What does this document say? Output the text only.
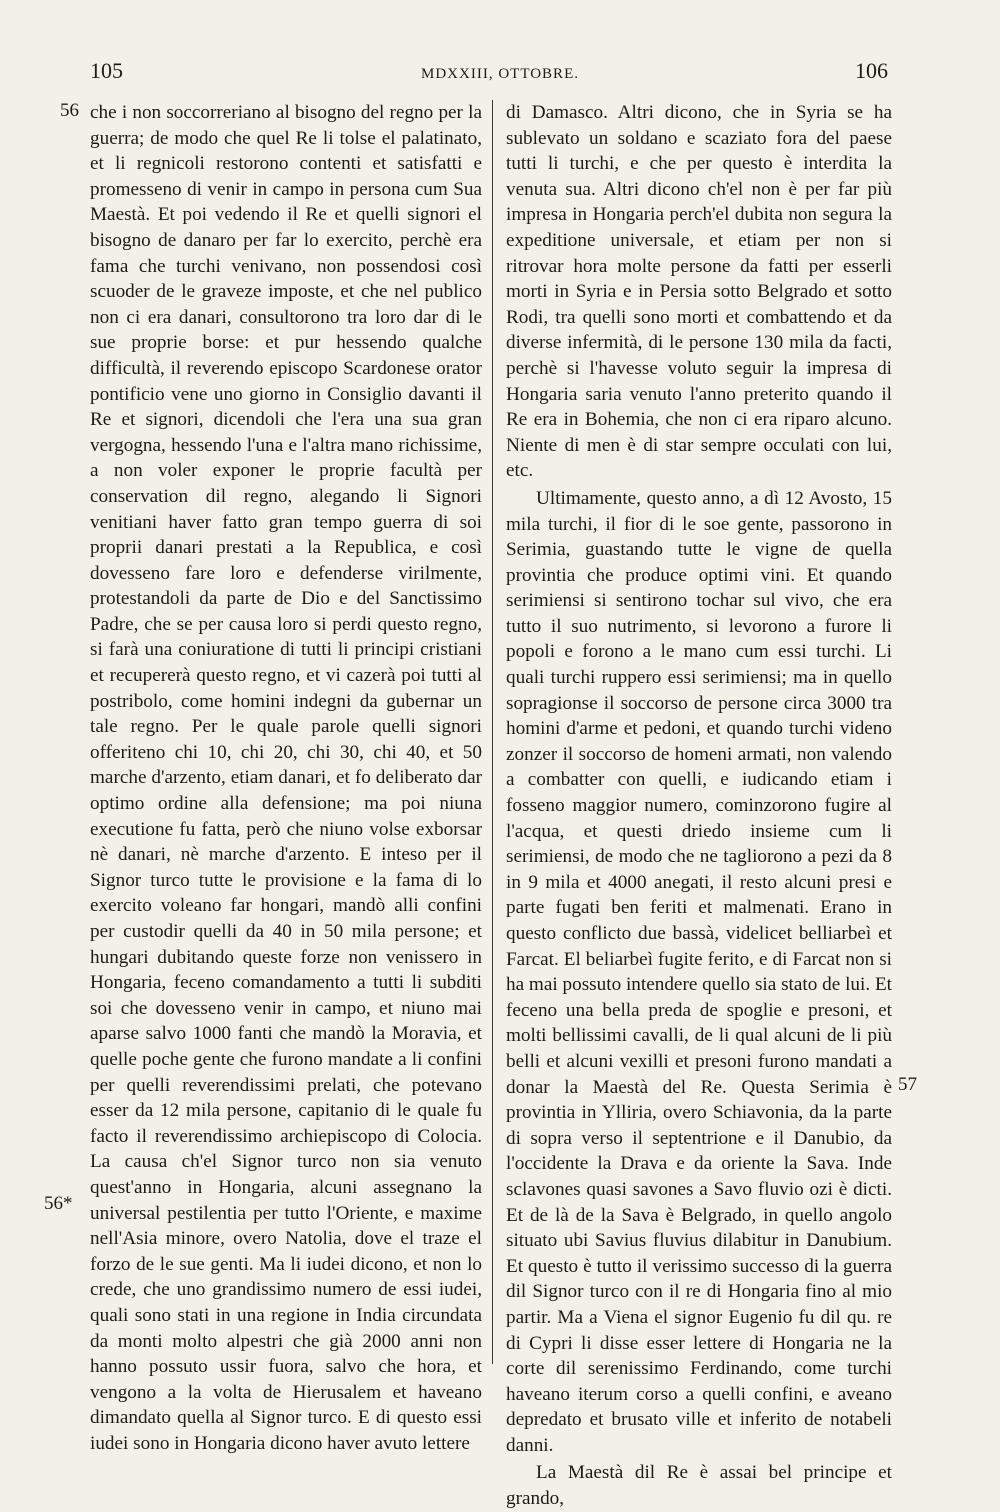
105	MDXXIII, OTTOBRE.	106
56
56*
57

che i non soccorreriano al bisogno del regno per la guerra; de modo che quel Re li tolse el palatinato, et li regnicoli restorono contenti et satisfatti e promesseno di venir in campo in persona cum Sua Maestà. Et poi vedendo il Re et quelli signori el bisogno de danaro per far lo exercito, perchè era fama che turchi venivano, non possendosi così scuoder de le graveze imposte, et che nel publico non ci era danari, consultorono tra loro dar di le sue proprie borse: et pur hessendo qualche difficultà, il reverendo episcopo Scardonese orator pontificio vene uno giorno in Consiglio davanti il Re et signori, dicendoli che l'era una sua gran vergogna, hessendo l'una e l'altra mano richissime, a non voler exponer le proprie facultà per conservation dil regno, alegando li Signori venitiani haver fatto gran tempo guerra di soi proprii danari prestati a la Republica, e così dovesseno fare loro e defenderse virilmente, protestandoli da parte de Dio e del Sanctissimo Padre, che se per causa loro si perdi questo regno, si farà una coniuratione di tutti li principi cristiani et recupererà questo regno, et vi cazerà poi tutti al postribolo, come homini indegni da gubernar un tale regno. Per le quale parole quelli signori offeriteno chi 10, chi 20, chi 30, chi 40, et 50 marche d'arzento, etiam danari, et fo deliberato dar optimo ordine alla defensione; ma poi niuna executione fu fatta, però che niuno volse exborsar nè danari, nè marche d'arzento. E inteso per il Signor turco tutte le provisione e la fama di lo exercito voleano far hongari, mandò alli confini per custodir quelli da 40 in 50 mila persone; et hungari dubitando queste forze non venissero in Hongaria, feceno comandamento a tutti li subditi soi che dovesseno venir in campo, et niuno mai aparse salvo 1000 fanti che mandò la Moravia, et quelle poche gente che furono mandate a li confini per quelli reverendissimi prelati, che potevano esser da 12 mila persone, capitanio di le quale fu facto il reverendissimo archiepiscopo di Colocia. La causa ch'el Signor turco non sia venuto quest'anno in Hongaria, alcuni assegnano la universal pestilentia per tutto l'Oriente, e maxime nell'Asia minore, overo Natolia, dove el traze el forzo de le sue genti. Ma li iudei dicono, et non lo crede, che uno grandissimo numero de essi iudei, quali sono stati in una regione in India circundata da monti molto alpestri che già 2000 anni non hanno possuto ussir fuora, salvo che hora, et vengono a la volta de Hierusalem et haveano dimandato quella al Signor turco. E di questo essi iudei sono in Hongaria dicono haver avuto lettere

di Damasco. Altri dicono, che in Syria se ha sublevato un soldano e scaziato fora del paese tutti li turchi, e che per questo è interdita la venuta sua. Altri dicono ch'el non è per far più impresa in Hongaria perch'el dubita non segura la expeditione universale, et etiam per non si ritrovar hora molte persone da fatti per esserli morti in Syria e in Persia sotto Belgrado et sotto Rodi, tra quelli sono morti et combattendo et da diverse infermità, di le persone 130 mila da facti, perchè si l'havesse voluto seguir la impresa di Hongaria saria venuto l'anno preterito quando il Re era in Bohemia, che non ci era riparo alcuno. Niente di men è di star sempre occulati con lui, etc.

Ultimamente, questo anno, a dì 12 Avosto, 15 mila turchi, il fior di le soe gente, passorono in Serimia, guastando tutte le vigne de quella provintia che produce optimi vini. Et quando serimiensi si sentirono tochar sul vivo, che era tutto il suo nutrimento, si levorono a furore li popoli e forono a le mano cum essi turchi. Li quali turchi ruppero essi serimiensi; ma in quello sopragionse il soccorso de persone circa 3000 tra homini d'arme et pedoni, et quando turchi videno zonzer il soccorso de homeni armati, non valendo a combatter con quelli, e iudicando etiam i fosseno maggior numero, cominzorono fugire al l'acqua, et questi driedo insieme cum li serimiensi, de modo che ne tagliorono a pezi da 8 in 9 mila et 4000 anegati, il resto alcuni presi e parte fugati ben feriti et malmenati. Erano in questo conflicto due bassà, videlicet belliarbeì et Farcat. El beliarbeì fugite ferito, e di Farcat non si ha mai possuto intendere quello sia stato de lui. Et feceno una bella preda de spoglie e presoni, et molti bellissimi cavalli, de li qual alcuni de li più belli et alcuni vexilli et presoni furono mandati a donar la Maestà del Re. Questa Serimia è provintia in Ylliria, overo Schiavonia, da la parte di sopra verso il septentrione e il Danubio, da l'occidente la Drava e da oriente la Sava. Inde sclavones quasi savones a Savo fluvio ozi è dicti. Et de là de la Sava è Belgrado, in quello angolo situato ubi Savius fluvius dilabitur in Danubium. Et questo è tutto il verissimo successo di la guerra dil Signor turco con il re di Hongaria fino al mio partir. Ma a Viena el signor Eugenio fu dil qu. re di Cypri li disse esser lettere di Hongaria ne la corte dil serenissimo Ferdinando, come turchi haveano iterum corso a quelli confini, e aveano depredato et brusato ville et inferito de notabeli danni.

La Maestà dil Re è assai bel principe et grando,
